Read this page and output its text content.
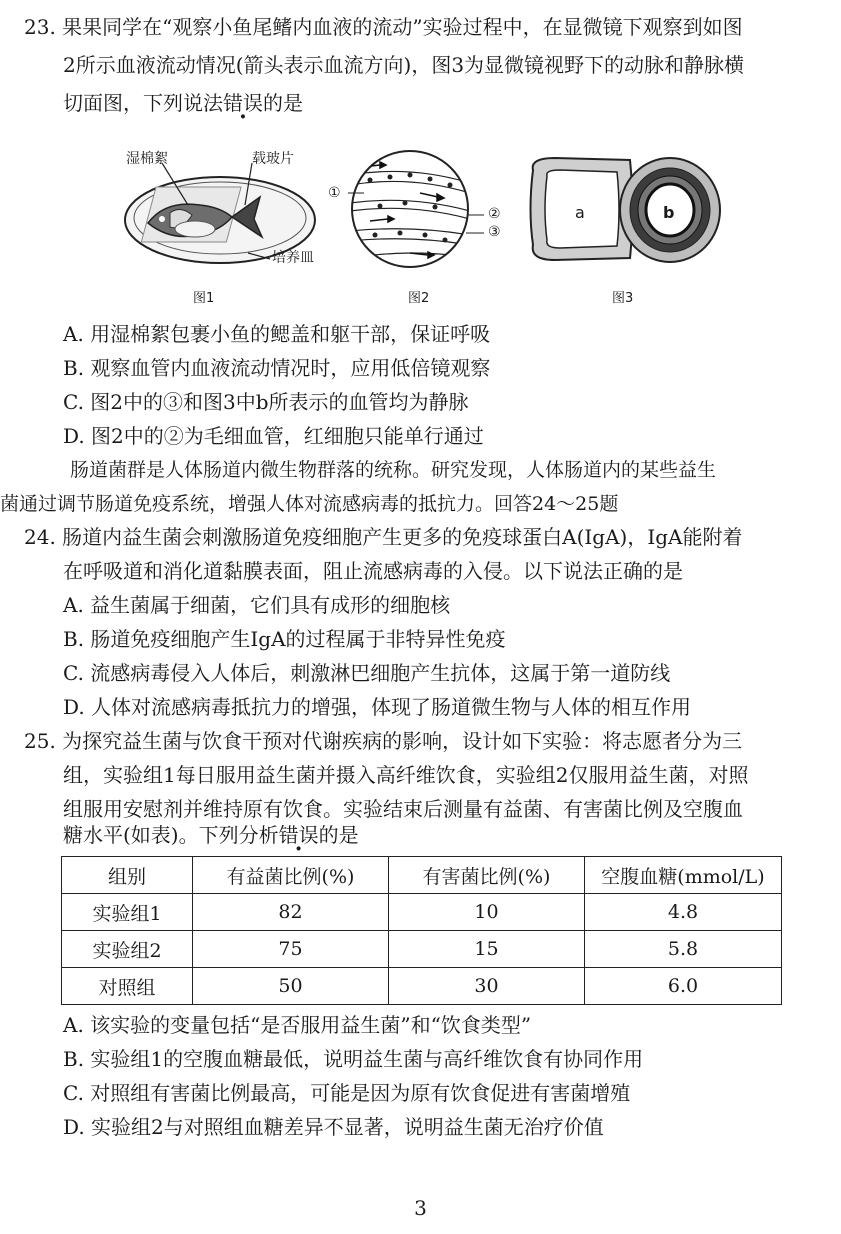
23. 果果同学在“观察小鱼尾鳍内血液的流动”实验过程中，在显微镜下观察到如图
2所示血液流动情况(箭头表示血流方向)，图3为显微镜视野下的动脉和静脉横
切面图，下列说法错误的是
湿棉絮	载玻片
培养皿
图1
①
②
③
图2
a	b
图3
A. 用湿棉絮包裹小鱼的鳃盖和躯干部，保证呼吸
B. 观察血管内血液流动情况时，应用低倍镜观察
C. 图2中的③和图3中b所表示的血管均为静脉
D. 图2中的②为毛细血管，红细胞只能单行通过
肠道菌群是人体肠道内微生物群落的统称。研究发现，人体肠道内的某些益生
菌通过调节肠道免疫系统，增强人体对流感病毒的抵抗力。回答24～25题
24. 肠道内益生菌会刺激肠道免疫细胞产生更多的免疫球蛋白A(IgA)，IgA能附着
在呼吸道和消化道黏膜表面，阻止流感病毒的入侵。以下说法正确的是
A. 益生菌属于细菌，它们具有成形的细胞核
B. 肠道免疫细胞产生IgA的过程属于非特异性免疫
C. 流感病毒侵入人体后，刺激淋巴细胞产生抗体，这属于第一道防线
D. 人体对流感病毒抵抗力的增强，体现了肠道微生物与人体的相互作用
25. 为探究益生菌与饮食干预对代谢疾病的影响，设计如下实验：将志愿者分为三
组，实验组1每日服用益生菌并摄入高纤维饮食，实验组2仅服用益生菌，对照
组服用安慰剂并维持原有饮食。实验结束后测量有益菌、有害菌比例及空腹血
糖水平(如表)。下列分析错误的是
组别	有益菌比例(%)	有害菌比例(%)	空腹血糖(mmol/L)
实验组1	82	10	4.8
实验组2	75	15	5.8
对照组	50	30	6.0
A. 该实验的变量包括“是否服用益生菌”和“饮食类型”
B. 实验组1的空腹血糖最低，说明益生菌与高纤维饮食有协同作用
C. 对照组有害菌比例最高，可能是因为原有饮食促进有害菌增殖
D. 实验组2与对照组血糖差异不显著，说明益生菌无治疗价值
3
